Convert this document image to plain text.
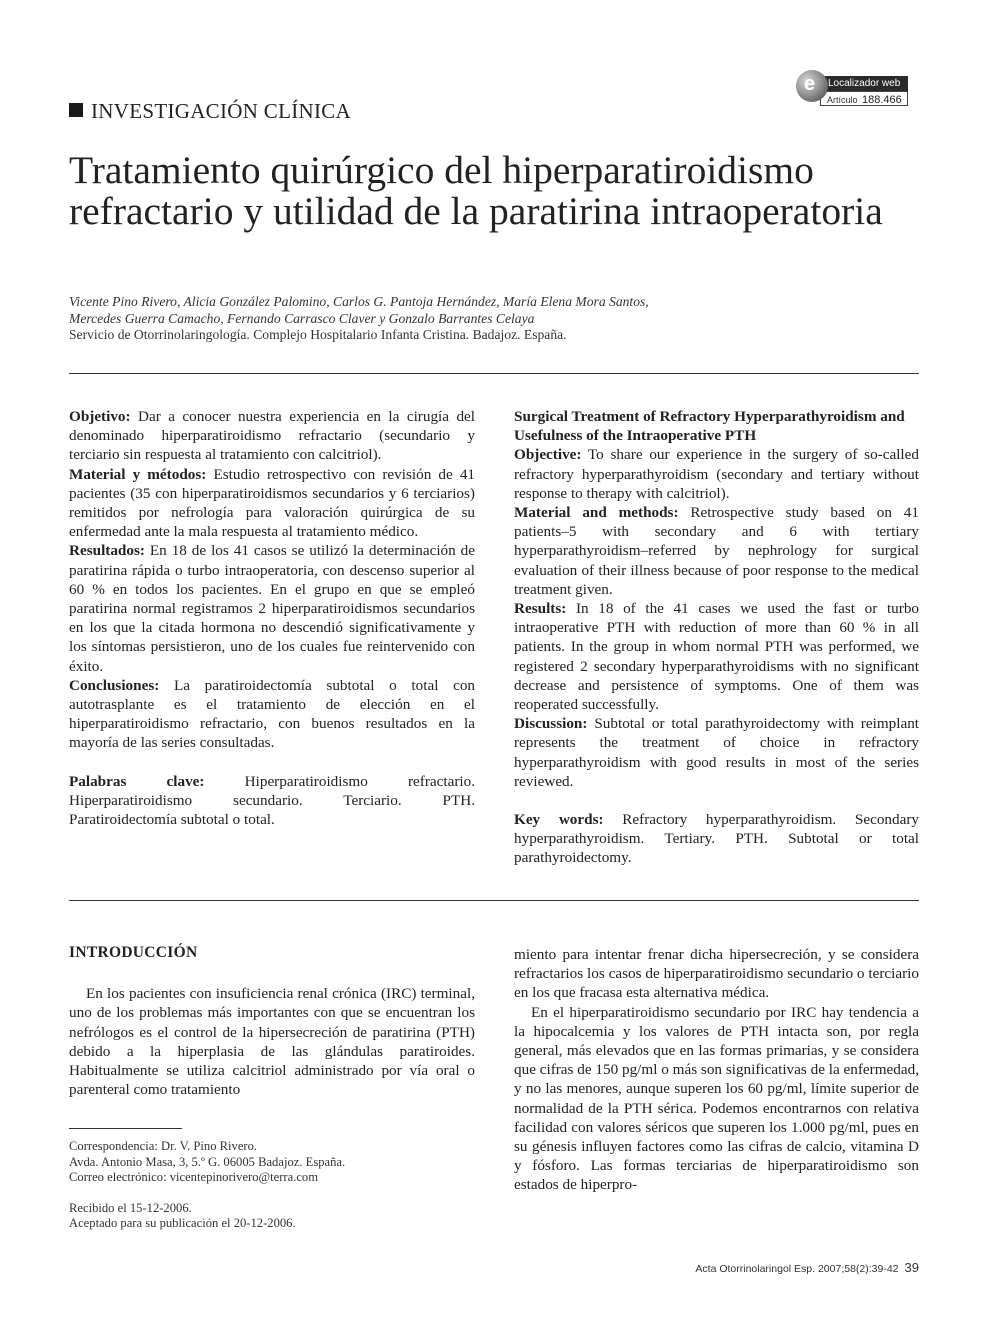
INVESTIGACIÓN CLÍNICA
Localizador web
Artículo 188.466
e
Tratamiento quirúrgico del hiperparatiroidismo refractario y utilidad de la paratirina intraoperatoria
Vicente Pino Rivero, Alicia González Palomino, Carlos G. Pantoja Hernández, María Elena Mora Santos,
Mercedes Guerra Camacho, Fernando Carrasco Claver y Gonzalo Barrantes Celaya
Servicio de Otorrinolaringología. Complejo Hospitalario Infanta Cristina. Badajoz. España.

Objetivo: Dar a conocer nuestra experiencia en la cirugía del denominado hiperparatiroidismo refractario (secundario y terciario sin respuesta al tratamiento con calcitriol).

Material y métodos: Estudio retrospectivo con revisión de 41 pacientes (35 con hiperparatiroidismos secundarios y 6 terciarios) remitidos por nefrología para valoración quirúrgica de su enfermedad ante la mala respuesta al tratamiento médico.

Resultados: En 18 de los 41 casos se utilizó la determinación de paratirina rápida o turbo intraoperatoria, con descenso superior al 60 % en todos los pacientes. En el grupo en que se empleó paratirina normal registramos 2 hiperparatiroidismos secundarios en los que la citada hormona no descendió significativamente y los síntomas persistieron, uno de los cuales fue reintervenido con éxito.

Conclusiones: La paratiroidectomía subtotal o total con autotrasplante es el tratamiento de elección en el hiperparatiroidismo refractario, con buenos resultados en la mayoría de las series consultadas.

Palabras clave:	Hiperparatiroidismo refractario. Hiperparatiroidismo secundario. Terciario. PTH. Paratiroidectomía subtotal o total.

Surgical Treatment of Refractory Hyperparathyroidism and Usefulness of the Intraoperative PTH

Objective: To share our experience in the surgery of so-called refractory hyperparathyroidism (secondary and tertiary without response to therapy with calcitriol).

Material and methods: Retrospective study based on 41 patients–5 with secondary and 6 with tertiary hyperparathyroidism–referred by nephrology for surgical evaluation of their illness because of poor response to the medical treatment given.

Results: In 18 of the 41 cases we used the fast or turbo intraoperative PTH with reduction of more than 60 % in all patients. In the group in whom normal PTH was performed, we registered 2 secondary hyperparathyroidisms with no significant decrease and persistence of symptoms. One of them was reoperated successfully.

Discussion: Subtotal or total parathyroidectomy with reimplant represents the treatment of choice in refractory hyperparathyroidism with good results in most of the series reviewed.

Key words: Refractory hyperparathyroidism. Secondary hyperparathyroidism. Tertiary. PTH. Subtotal or total parathyroidectomy.

INTRODUCCIÓN

En los pacientes con insuficiencia renal crónica (IRC) terminal, uno de los problemas más importantes con que se encuentran los nefrólogos es el control de la hipersecreción de paratirina (PTH) debido a la hiperplasia de las glándulas paratiroides. Habitualmente se utiliza calcitriol administrado por vía oral o parenteral como tratamiento

miento para intentar frenar dicha hipersecreción, y se considera refractarios los casos de hiperparatiroidismo secundario o terciario en los que fracasa esta alternativa médica.

En el hiperparatiroidismo secundario por IRC hay tendencia a la hipocalcemia y los valores de PTH intacta son, por regla general, más elevados que en las formas primarias, y se considera que cifras de 150 pg/ml o más son significativas de la enfermedad, y no las menores, aunque superen los 60 pg/ml, límite superior de normalidad de la PTH sérica. Podemos encontrarnos con relativa facilidad con valores séricos que superen los 1.000 pg/ml, pues en su génesis influyen factores como las cifras de calcio, vitamina D y fósforo. Las formas terciarias de hiperparatiroidismo son estados de hiperpro-

Correspondencia: Dr. V. Pino Rivero.

Avda. Antonio Masa, 3, 5.º G. 06005 Badajoz. España.

Correo electrónico: vicentepinorivero@terra.com

Recibido el 15-12-2006.

Aceptado para su publicación el 20-12-2006.

Acta Otorrinolaringol Esp. 2007;58(2):39-42 39
